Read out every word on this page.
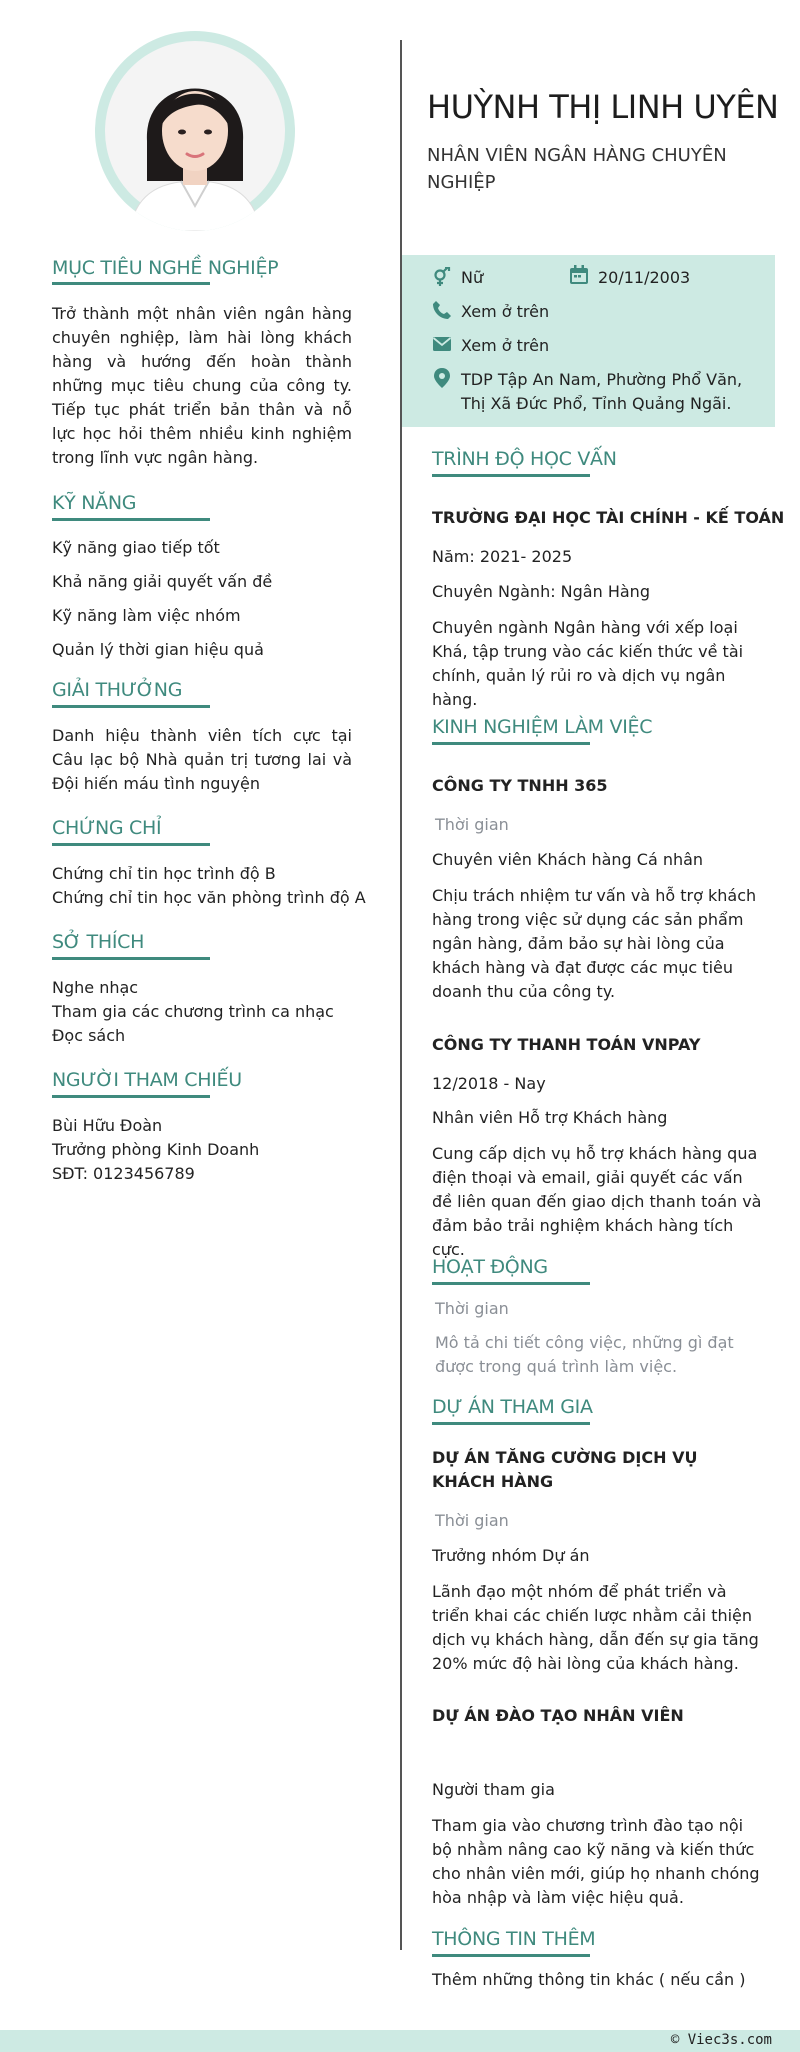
MỤC TIÊU NGHỀ NGHIỆP
Trở thành một nhân viên ngân hàng chuyên nghiệp, làm hài lòng khách hàng và hướng đến hoàn thành những mục tiêu chung của công ty. Tiếp tục phát triển bản thân và nỗ lực học hỏi thêm nhiều kinh nghiệm trong lĩnh vực ngân hàng.
KỸ NĂNG
Kỹ năng giao tiếp tốt
Khả năng giải quyết vấn đề
Kỹ năng làm việc nhóm
Quản lý thời gian hiệu quả
GIẢI THƯỞNG
Danh hiệu thành viên tích cực tại Câu lạc bộ Nhà quản trị tương lai và Đội hiến máu tình nguyện
CHỨNG CHỈ
Chứng chỉ tin học trình độ B
Chứng chỉ tin học văn phòng trình độ A
SỞ THÍCH
Nghe nhạc
Tham gia các chương trình ca nhạc
Đọc sách
NGƯỜI THAM CHIẾU
Bùi Hữu Đoàn
Trưởng phòng Kinh Doanh
SĐT: 0123456789
HUỲNH THỊ LINH UYÊN
NHÂN VIÊN NGÂN HÀNG CHUYÊN NGHIỆP
Nữ	20/11/2003
Xem ở trên
Xem ở trên
TDP Tập An Nam, Phường Phổ Văn, Thị Xã Đức Phổ, Tỉnh Quảng Ngãi.
TRÌNH ĐỘ HỌC VẤN
TRƯỜNG ĐẠI HỌC TÀI CHÍNH - KẾ TOÁN
Năm: 2021- 2025
Chuyên Ngành: Ngân Hàng
Chuyên ngành Ngân hàng với xếp loại Khá, tập trung vào các kiến thức về tài chính, quản lý rủi ro và dịch vụ ngân hàng.
KINH NGHIỆM LÀM VIỆC
CÔNG TY TNHH 365
Thời gian
Chuyên viên Khách hàng Cá nhân
Chịu trách nhiệm tư vấn và hỗ trợ khách hàng trong việc sử dụng các sản phẩm ngân hàng, đảm bảo sự hài lòng của khách hàng và đạt được các mục tiêu doanh thu của công ty.
CÔNG TY THANH TOÁN VNPAY
12/2018 - Nay
Nhân viên Hỗ trợ Khách hàng
Cung cấp dịch vụ hỗ trợ khách hàng qua điện thoại và email, giải quyết các vấn đề liên quan đến giao dịch thanh toán và đảm bảo trải nghiệm khách hàng tích cực.
HOẠT ĐỘNG
Thời gian
Mô tả chi tiết công việc, những gì đạt được trong quá trình làm việc.
DỰ ÁN THAM GIA
DỰ ÁN TĂNG CƯỜNG DỊCH VỤ KHÁCH HÀNG
Thời gian
Trưởng nhóm Dự án
Lãnh đạo một nhóm để phát triển và triển khai các chiến lược nhằm cải thiện dịch vụ khách hàng, dẫn đến sự gia tăng 20% mức độ hài lòng của khách hàng.
DỰ ÁN ĐÀO TẠO NHÂN VIÊN
Người tham gia
Tham gia vào chương trình đào tạo nội bộ nhằm nâng cao kỹ năng và kiến thức cho nhân viên mới, giúp họ nhanh chóng hòa nhập và làm việc hiệu quả.
THÔNG TIN THÊM
Thêm những thông tin khác ( nếu cần )
© Viec3s.com
